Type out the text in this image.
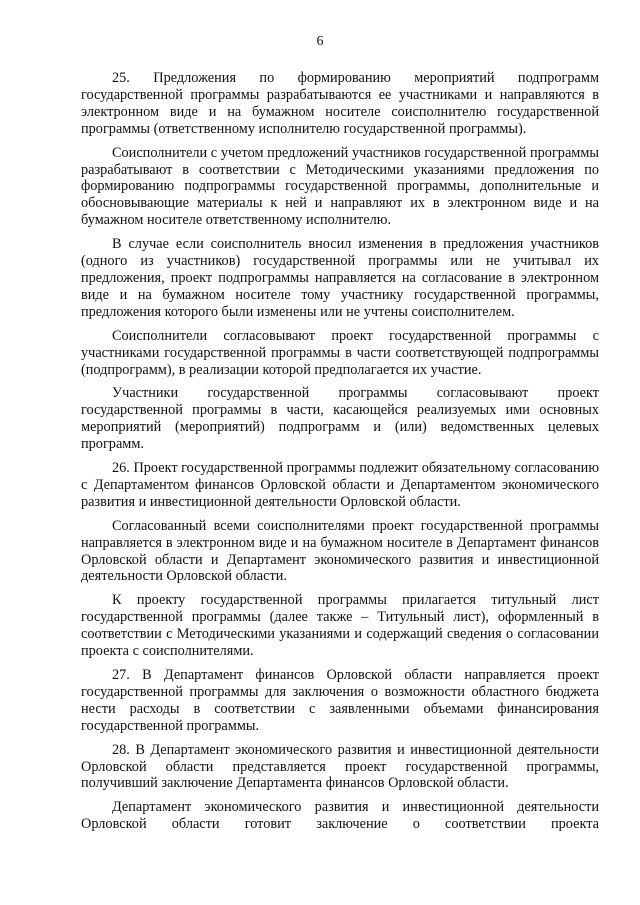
6

25. Предложения по формированию мероприятий подпрограмм государственной программы разрабатываются ее участниками и направляются в электронном виде и на бумажном носителе соисполнителю государственной программы (ответственному исполнителю государственной программы).

Соисполнители с учетом предложений участников государственной программы разрабатывают в соответствии с Методическими указаниями предложения по формированию подпрограммы государственной программы, дополнительные и обосновывающие материалы к ней и направляют их в электронном виде и на бумажном носителе ответственному исполнителю.

В случае если соисполнитель вносил изменения в предложения участников (одного из участников) государственной программы или не учитывал их предложения, проект подпрограммы направляется на согласование в электронном виде и на бумажном носителе тому участнику государственной программы, предложения которого были изменены или не учтены соисполнителем.

Соисполнители согласовывают проект государственной программы с участниками государственной программы в части соответствующей подпрограммы (подпрограмм), в реализации которой предполагается их участие.

Участники государственной программы согласовывают проект государственной программы в части, касающейся реализуемых ими основных мероприятий (мероприятий) подпрограмм и (или) ведомственных целевых программ.

26. Проект государственной программы подлежит обязательному согласованию с Департаментом финансов Орловской области и Департаментом экономического развития и инвестиционной деятельности Орловской области.

Согласованный всеми соисполнителями проект государственной программы направляется в электронном виде и на бумажном носителе в Департамент финансов Орловской области и Департамент экономического развития и инвестиционной деятельности Орловской области.

К проекту государственной программы прилагается титульный лист государственной программы (далее также – Титульный лист), оформленный в соответствии с Методическими указаниями и содержащий сведения о согласовании проекта с соисполнителями.

27. В Департамент финансов Орловской области направляется проект государственной программы для заключения о возможности областного бюджета нести расходы в соответствии с заявленными объемами финансирования государственной программы.

28. В Департамент экономического развития и инвестиционной деятельности Орловской области представляется проект государственной программы, получивший заключение Департамента финансов Орловской области.

Департамент экономического развития и инвестиционной деятельности Орловской области готовит заключение о соответствии проекта
